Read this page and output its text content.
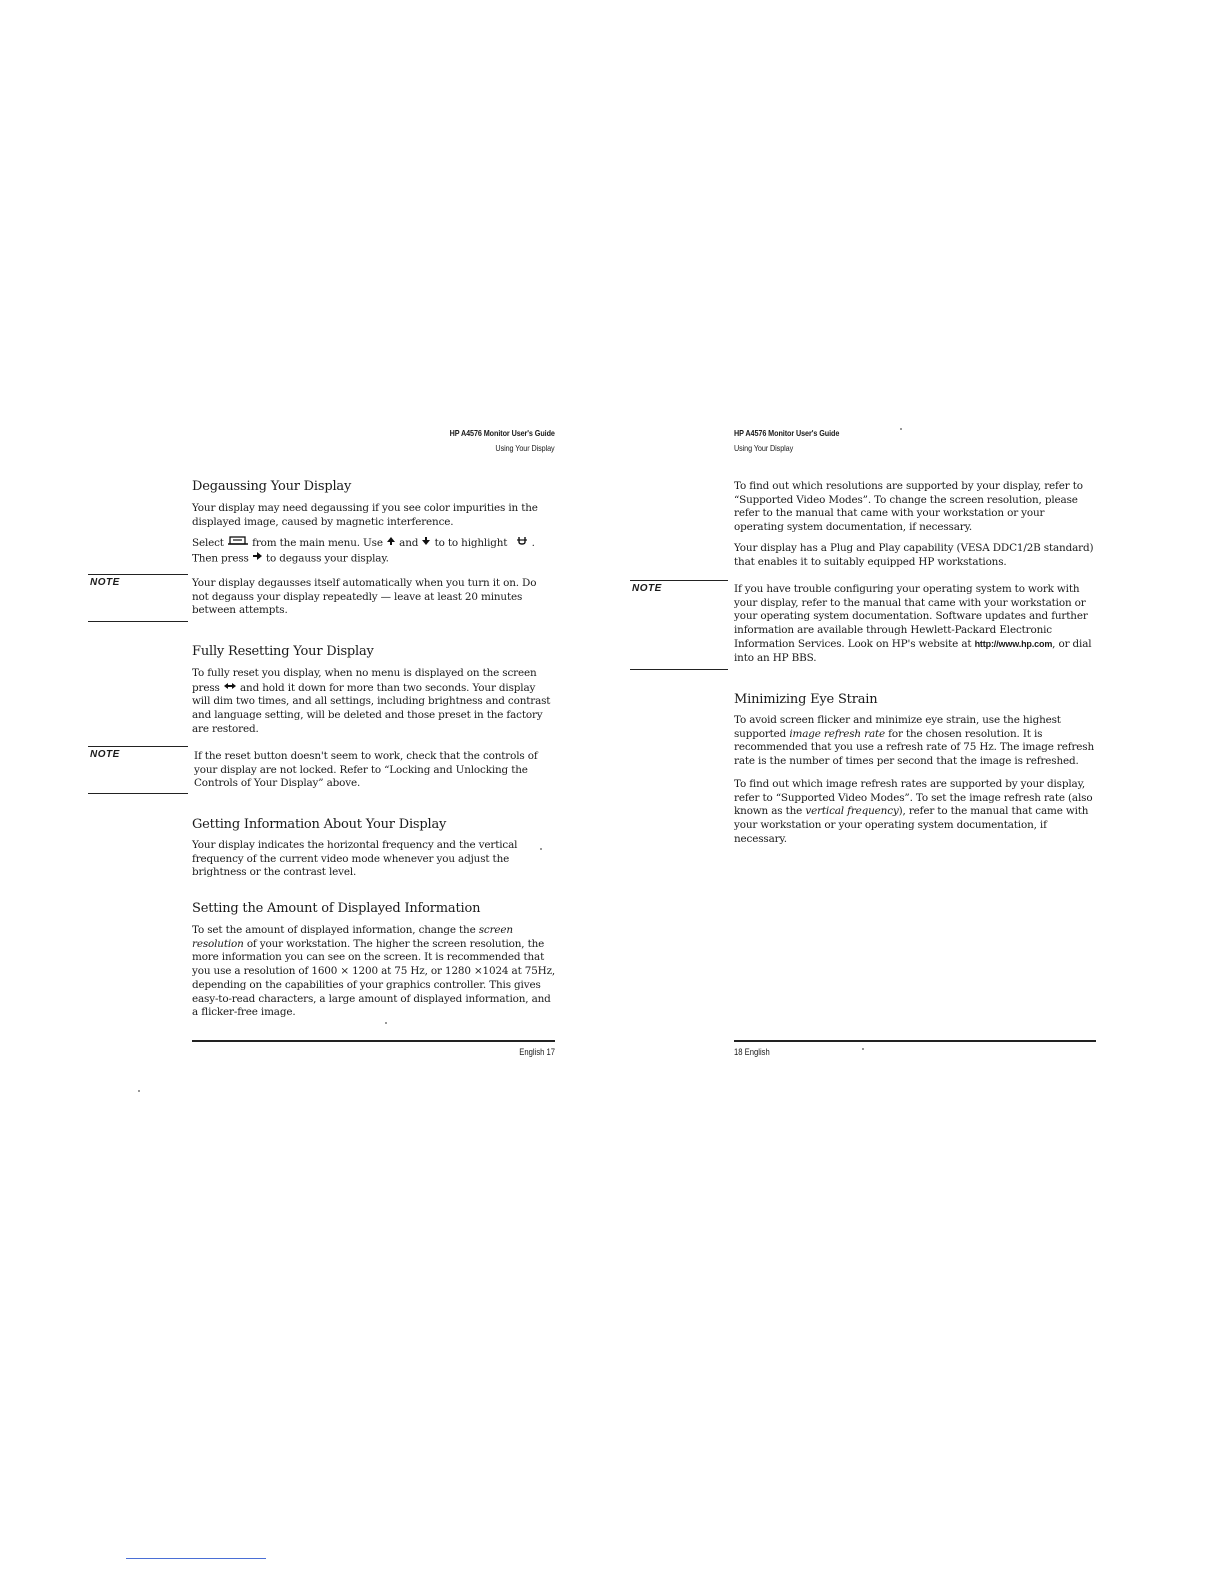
HP A4576 Monitor User's Guide
Using Your Display
Degaussing Your Display

Your display may need degaussing if you see color impurities in the displayed image, caused by magnetic interference.

Select	from the main menu. Use and to to highlight .
Then press to degauss your display.

NOTE	Your display degausses itself automatically when you turn it on. Do not degauss your display repeatedly — leave at least 20 minutes between attempts.

Fully Resetting Your Display

To fully reset you display, when no menu is displayed on the screen press and hold it down for more than two seconds. Your display will dim two times, and all settings, including brightness and contrast and language setting, will be deleted and those preset in the factory are restored.

NOTE	If the reset button doesn't seem to work, check that the controls of your display are not locked. Refer to “Locking and Unlocking the Controls of Your Display” above.

Getting Information About Your Display

Your display indicates the horizontal frequency and the vertical frequency of the current video mode whenever you adjust the brightness or the contrast level.

Setting the Amount of Displayed Information

To set the amount of displayed information, change the screen resolution of your workstation. The higher the screen resolution, the more information you can see on the screen. It is recommended that you use a resolution of 1600 × 1200 at 75 Hz, or 1280 ×1024 at 75Hz, depending on the capabilities of your graphics controller. This gives easy-to-read characters, a large amount of displayed information, and a flicker-free image.

English 17
HP A4576 Monitor User's Guide
Using Your Display

To find out which resolutions are supported by your display, refer to “Supported Video Modes”. To change the screen resolution, please refer to the manual that came with your workstation or your operating system documentation, if necessary.

Your display has a Plug and Play capability (VESA DDC1/2B standard) that enables it to suitably equipped HP workstations.

NOTE	If you have trouble configuring your operating system to work with your display, refer to the manual that came with your workstation or your operating system documentation. Software updates and further information are available through Hewlett-Packard Electronic Information Services. Look on HP's website at http://www.hp.com, or dial into an HP BBS.

Minimizing Eye Strain

To avoid screen flicker and minimize eye strain, use the highest supported image refresh rate for the chosen resolution. It is recommended that you use a refresh rate of 75 Hz. The image refresh rate is the number of times per second that the image is refreshed.

To find out which image refresh rates are supported by your display, refer to “Supported Video Modes”. To set the image refresh rate (also known as the vertical frequency), refer to the manual that came with your workstation or your operating system documentation, if necessary.

18 English
